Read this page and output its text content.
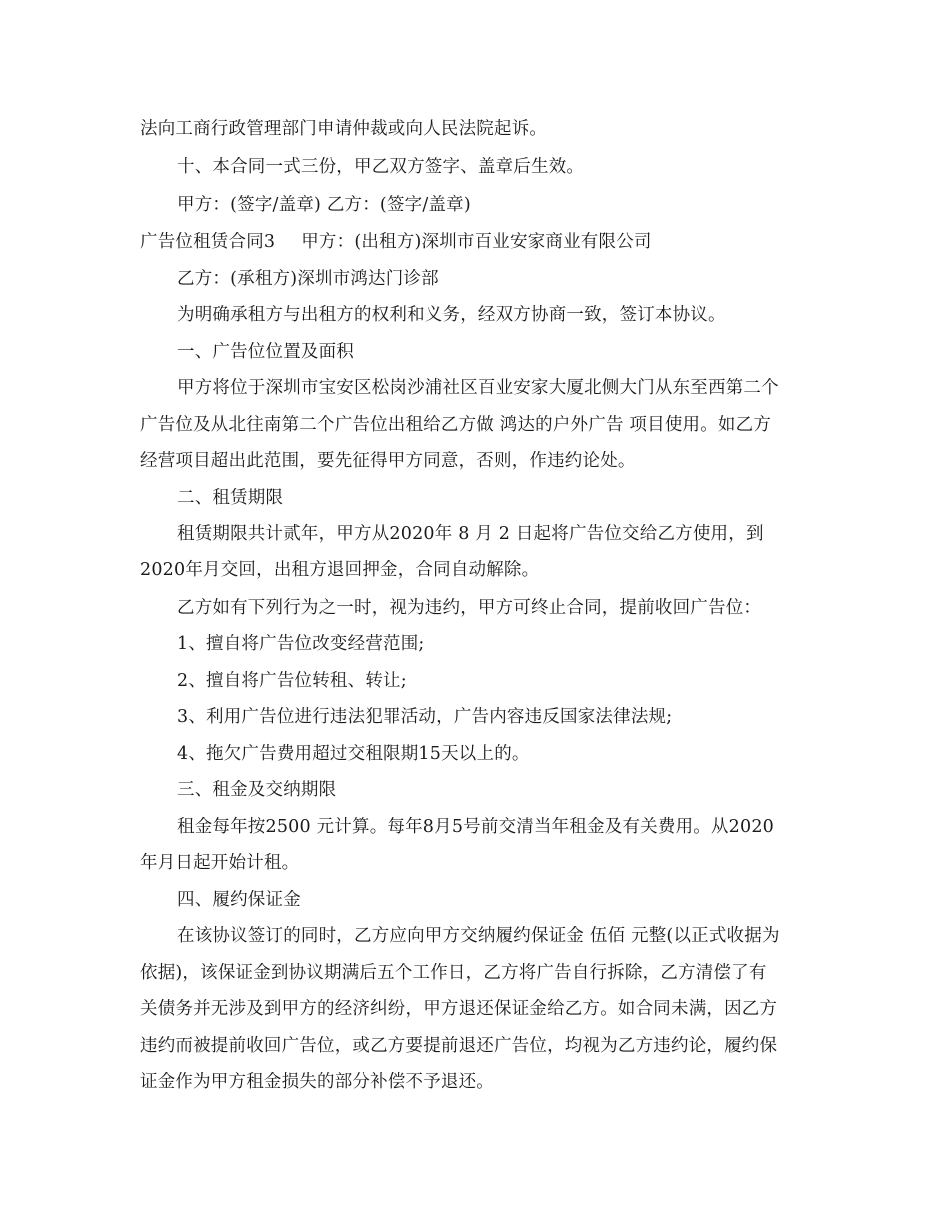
法向工商行政管理部门申请仲裁或向人民法院起诉。
十、本合同一式三份，甲乙双方签字、盖章后生效。
甲方：(签字/盖章) 乙方：(签字/盖章)
广告位租赁合同3 甲方：(出租方)深圳市百业安家商业有限公司
乙方：(承租方)深圳市鸿达门诊部
为明确承租方与出租方的权利和义务，经双方协商一致，签订本协议。
一、广告位位置及面积
甲方将位于深圳市宝安区松岗沙浦社区百业安家大厦北侧大门从东至西第二个
广告位及从北往南第二个广告位出租给乙方做 鸿达的户外广告 项目使用。如乙方
经营项目超出此范围，要先征得甲方同意，否则，作违约论处。
二、租赁期限
租赁期限共计贰年，甲方从2020年 8 月 2 日起将广告位交给乙方使用，到
2020年月交回，出租方退回押金，合同自动解除。
乙方如有下列行为之一时，视为违约，甲方可终止合同，提前收回广告位：
1、擅自将广告位改变经营范围;
2、擅自将广告位转租、转让;
3、利用广告位进行违法犯罪活动，广告内容违反国家法律法规;
4、拖欠广告费用超过交租限期15天以上的。
三、租金及交纳期限
租金每年按2500 元计算。每年8月5号前交清当年租金及有关费用。从2020
年月日起开始计租。
四、履约保证金
在该协议签订的同时，乙方应向甲方交纳履约保证金 伍佰 元整(以正式收据为
依据)，该保证金到协议期满后五个工作日，乙方将广告自行拆除，乙方清偿了有
关债务并无涉及到甲方的经济纠纷，甲方退还保证金给乙方。如合同未满，因乙方
违约而被提前收回广告位，或乙方要提前退还广告位，均视为乙方违约论，履约保
证金作为甲方租金损失的部分补偿不予退还。
